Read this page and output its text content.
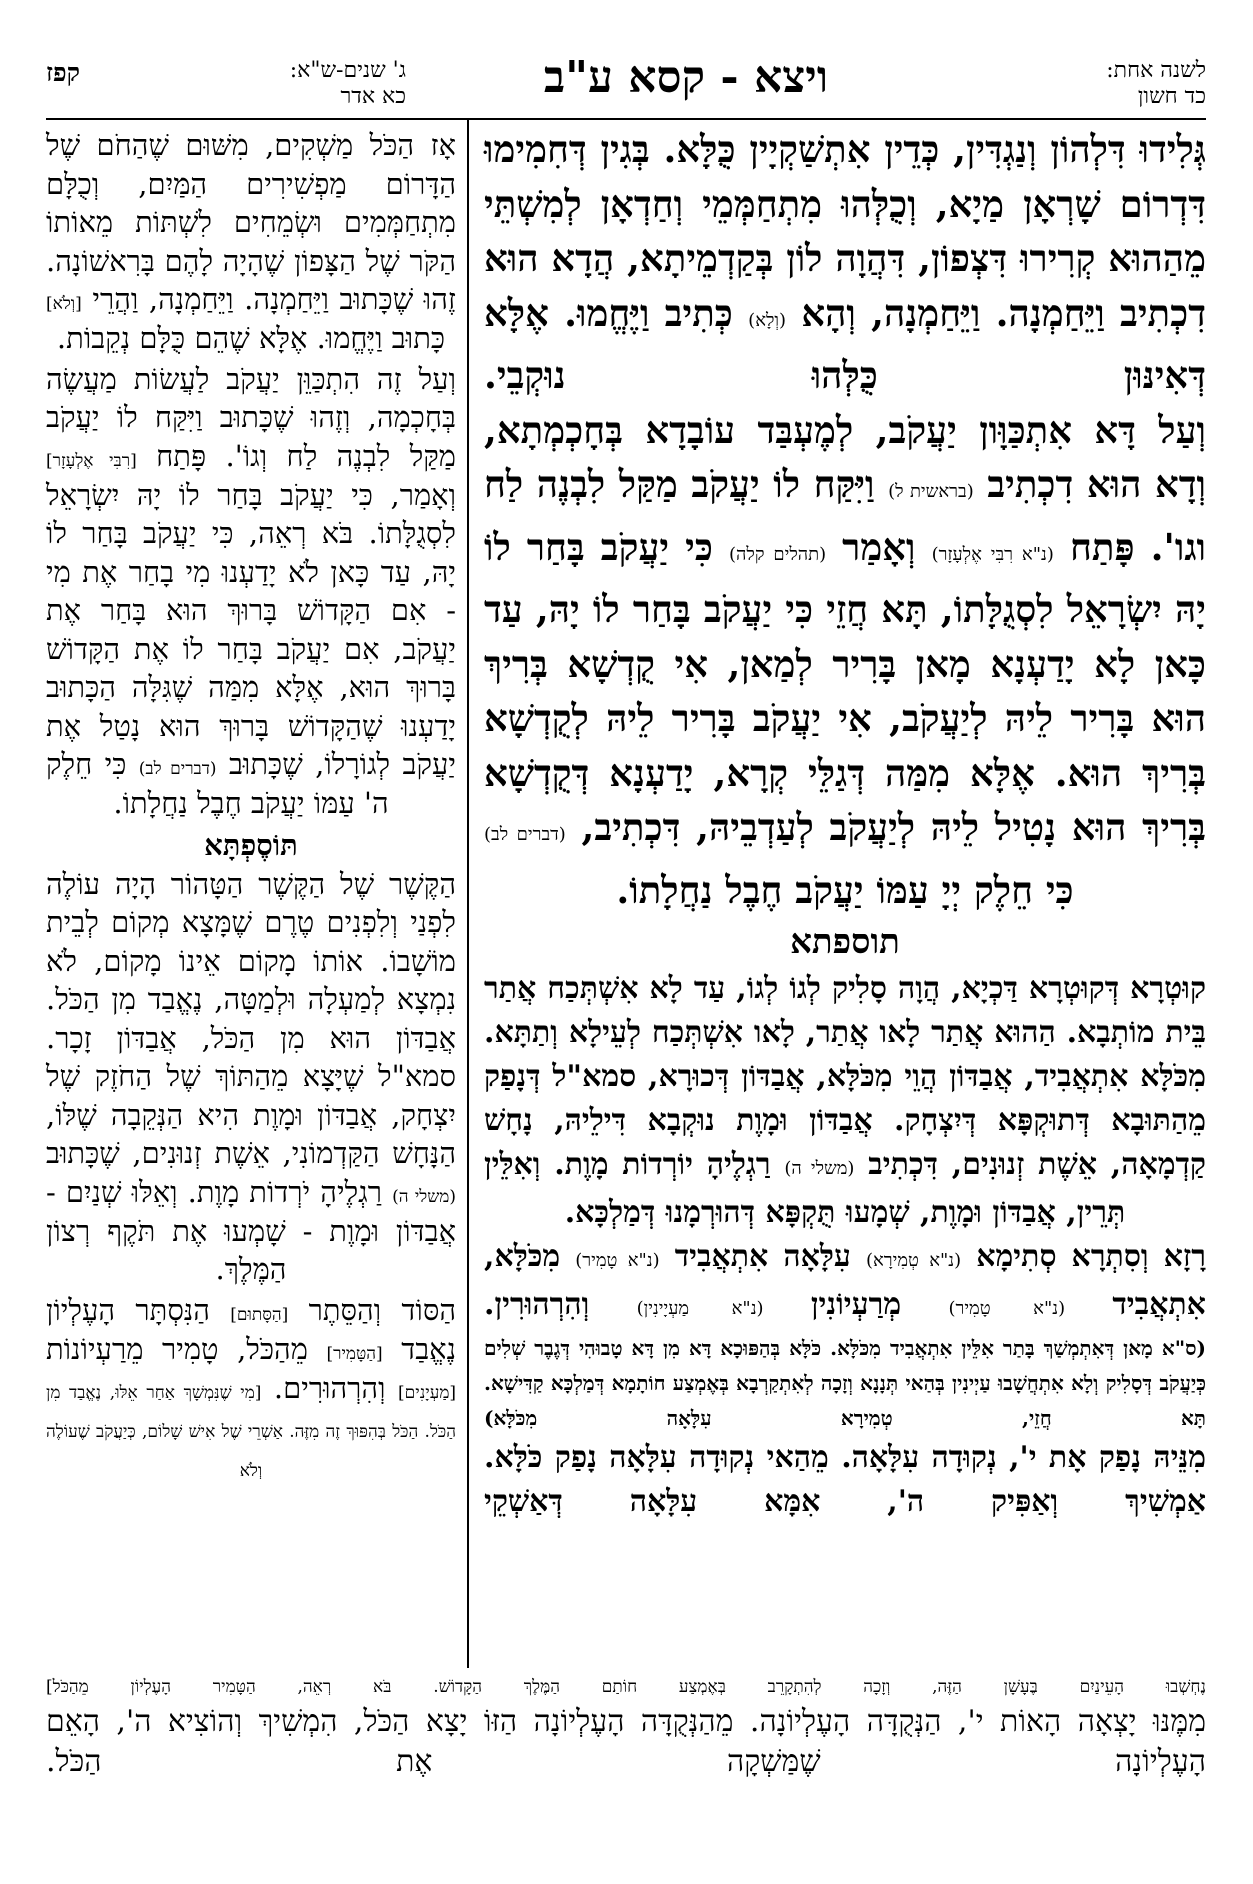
קפז	ג' שנים-ש"א:
כא אדר	ויצא - קסא ע"ב	לשנה אחת:
כד חשון

גְּלִידוּ דִּלְהוֹן וְנַגְדִּין, כְּדֵין אִתְשַׁקְיָין כֻּלָּא. בְּגִין דְּחִמִימוּ דִּדְרוֹם שָׁרְאָן מַיָא, וְכֻלְּהוּ מִתְחַמְּמֵי וְחַדְאָן לְמִשְׁתֵּי מֵהַהוּא קְרִירוּ דִּצְפוֹן, דִּהֲוָה לוֹן בְּקַדְמֵיתָא, הֲדָא הוּא דִכְתִיב וַיֵּחַמְנָה. וַיֵּחַמְנָה, וְהָא (וְלָא) כְּתִיב וַיֶּחֱמוּ. אֶלָּא דְּאִינּוּן כֻּלְּהוּ נוּקְבֵי.

וְעַל דָּא אִתְכַּוָּון יַעֲקֹב, לְמֶעְבַּד עוֹבָדָא בְּחָכְמְתָא, וְדָא הוּא דִכְתִיב (בראשית ל) וַיִּקַּח לוֹ יַעֲקֹב מַקַּל לִבְנֶה לַח וגו'. פָּתַח (נ"א רִבִּי אֶלְעָזָר) וְאָמַר (תהלים קלה) כִּי יַעֲקֹב בָּחַר לוֹ יָהּ יִשְׂרָאֵל לִסְגֻלָּתוֹ, תָּא חֲזֵי כִּי יַעֲקֹב בָּחַר לוֹ יָהּ, עַד כָּאן לָא יָדַעְנָא מָאן בָּרִיר לְמַאן, אִי קֻדְשָׁא בְּרִיךְ הוּא בָּרִיר לֵיהּ לְיַעֲקֹב, אִי יַעֲקֹב בָּרִיר לֵיהּ לְקֻדְשָׁא בְּרִיךְ הוּא. אֶלָּא מִמַּה דְּגַלֵּי קְרָא, יָדַעְנָא דְּקֻדְשָׁא בְּרִיךְ הוּא נָטִיל לֵיהּ לְיַעֲקֹב לְעַדְבֵיהּ, דִּכְתִיב, (דברים לב) כִּי חֵלֶק יְיָ עַמּוֹ יַעֲקֹב חֶבֶל נַחֲלָתוֹ.

תוספתא

קוּטְרָא דְּקוּטְרָא דַּכְיָא, הֲוָה סָלִיק לְגוֹ לְגוֹ, עַד לָא אִשְׁתְּכַח אֲתַר בֵּית מוֹתְבָא. הַהוּא אֲתַר לָאו אֲתַר, לָאו אִשְׁתְּכַח לְעֵילָא וְתַתָּא. מִכֹּלָּא אִתְאֲבִיד, אֲבַדּוֹן הֲוֵי מִכֹּלָּא, אֲבַדּוֹן דְּכוּרָא, סמא"ל דְּנָפַק מֵהַתּוּבָא דְּתוּקְפָּא דְּיִצְחָק. אֲבַדּוֹן וּמָוֶת נוּקְבָא דִּילֵיהּ, נָחָשׁ קַדְמָאָה, אֵשֶׁת זְנוּנִים, דִּכְתִיב (משלי ה) רַגְלֶיהָ יוֹרְדוֹת מָוֶת. וְאִלֵּין תְּרֵין, אֲבַדּוֹן וּמָוֶת, שְׁמָעוּ תֻּקְפָּא דְּהוּרְמָנוּ דְּמַלְכָּא.

רָזָא וְסִתְרָא סְתִימָא (נ"א טְמִירָא) עִלָּאָה אִתְאֲבִיד (נ"א טָמִיר) מִכֹּלָּא, אִתְאֲבִיד (נ"א טָמִיר) מְרַעְיוֹנִין (נ"א מַעְיָינִין) וְהִרְהוּרִין.

(ס"א מָאן דְּאִתְמְשַׁךְ בָּתַר אִלֵּין אִתְאֲבִיד מִכֹּלָּא. כֹּלָּא בְּהַפּוּכָא דָּא מִן דָּא טָבוּהִי דְּגֶבֶר שְׁלִים כְּיַעֲקֹב דְּסָלִיק וְלָא אִתְחֲשָׁבוּ עַיְינִין בְּהַאי תְּנָנָא וְזָכָה לְאִתְקַרְבָא בְּאֶמְצַע חוֹתָמָא דְּמַלְכָּא קַדִּישָׁא. תָּא חֲזֵי, טְמִירָא עִלָּאָה מִכֹּלָּא)

מִנֵּיהּ נָפַק אָת י', נְקוּדָה עִלָּאָה. מֵהַאי נְקוּדָה עִלָּאָה נָפַק כֹּלָּא. אַמְשִׁיךְ וְאַפִּיק ה', אִמָּא עִלָּאָה דְּאַשְׁקֵי

אָז הַכֹּל מַשְׁקִים, מִשּׁוּם שֶׁהַחֹם שֶׁל הַדָּרוֹם מַפְשִׁירִים הַמַּיִם, וְכֻלָּם מִתְחַמְּמִים וּשְׂמֵחִים לִשְׁתּוֹת מֵאוֹתוֹ הַקֹּר שֶׁל הַצָּפוֹן שֶׁהָיָה לָהֶם בָּרִאשׁוֹנָה. זֶהוּ שֶׁכָּתוּב וַיֵּחַמְנָה. וַיֵּחַמְנָה, וַהֲרֵי [וְלֹא] כָּתוּב וַיֶּחֱמוּ. אֶלָּא שֶׁהֵם כֻּלָּם נְקֵבוֹת.

וְעַל זֶה הִתְכַּוֵּן יַעֲקֹב לַעֲשׂוֹת מַעֲשֶׂה בְּחָכְמָה, וְזֶהוּ שֶׁכָּתוּב וַיִּקַּח לוֹ יַעֲקֹב מַקַּל לִבְנֶה לַח וְגוֹ'. פָּתַח [רִבִּי אֶלְעָזָר] וְאָמַר, כִּי יַעֲקֹב בָּחַר לוֹ יָהּ יִשְׂרָאֵל לִסְגֻלָּתוֹ. בֹּא רְאֵה, כִּי יַעֲקֹב בָּחַר לוֹ יָהּ, עַד כָּאן לֹא יָדַעְנוּ מִי בָחַר אֶת מִי - אִם הַקָּדוֹשׁ בָּרוּךְ הוּא בָּחַר אֶת יַעֲקֹב, אִם יַעֲקֹב בָּחַר לוֹ אֶת הַקָּדוֹשׁ בָּרוּךְ הוּא, אֶלָּא מִמַּה שֶׁגִּלָּה הַכָּתוּב יָדַעְנוּ שֶׁהַקָּדוֹשׁ בָּרוּךְ הוּא נָטַל אֶת יַעֲקֹב לְגוֹרָלוֹ, שֶׁכָּתוּב (דברים לב) כִּי חֵלֶק ה' עַמּוֹ יַעֲקֹב חֶבֶל נַחֲלָתוֹ.

תּוֹסֶפְתָּא

הַקֶּשֶׁר שֶׁל הַקֶּשֶׁר הַטָּהוֹר הָיָה עוֹלֶה לִפְנַי וְלִפְנִים טֶרֶם שֶׁמָּצָא מְקוֹם לְבֵית מוֹשָׁבוֹ. אוֹתוֹ מָקוֹם אֵינוֹ מָקוֹם, לֹא נִמְצָא לְמַעְלָה וּלְמַטָּה, נֶאֱבַד מִן הַכֹּל. אֲבַדּוֹן הוּא מִן הַכֹּל, אֲבַדּוֹן זָכָר. סמא"ל שֶׁיָּצָא מֵהַתּוֹךְ שֶׁל הַחֹזֶק שֶׁל יִצְחָק, אֲבַדּוֹן וּמָוֶת הִיא הַנְּקֵבָה שֶׁלּוֹ, הַנָּחָשׁ הַקַּדְמוֹנִי, אֵשֶׁת זְנוּנִים, שֶׁכָּתוּב (משלי ה) רַגְלֶיהָ יֹרְדוֹת מָוֶת. וְאֵלּוּ שְׁנַיִם - אֲבַדּוֹן וּמָוֶת - שָׁמְעוּ אֶת תֹּקֶף רְצוֹן הַמֶּלֶךְ.

הַסּוֹד וְהַסֵּתֶר [הַסָּתוּם] הַנִּסְתָּר הָעֶלְיוֹן נֶאֱבַד [הַטָּמִיר] מֵהַכֹּל, טָמִיר מֵרַעְיוֹנוֹת [מַעְיָנִים] וְהִרְהוּרִים. [מִי שֶׁנִּמְשָׁךְ אַחַר אֵלּוּ, נֶאֱבַד מִן הַכֹּל. הַכֹּל בְּהִפּוּךְ זֶה מִזֶּה. אַשְׁרֵי שֶׁל אִישׁ שָׁלוֹם, כְּיַעֲקֹב שֶׁעוֹלֶה וְלֹא

נֶחְשְׁבוּ הָעֵינַיִם בֶּעָשָׁן הַזֶּה, וְזָכָה לְהִתְקָרֵב בְּאֶמְצַע חוֹתַם הַמֶּלֶךְ הַקָּדוֹשׁ. בֹּא רְאֵה, הַטָּמִיר הָעֶלְיוֹן מֵהַכֹּל]

מִמֶּנּוּ יָצְאָה הָאוֹת י', הַנְּקֻדָּה הָעֶלְיוֹנָה. מֵהַנְּקֻדָּה הָעֶלְיוֹנָה הַזּוֹ יָצָא הַכֹּל, הִמְשִׁיךְ וְהוֹצִיא ה', הָאֵם הָעֶלְיוֹנָה שֶׁמַּשְׁקָה אֶת הַכֹּל.
